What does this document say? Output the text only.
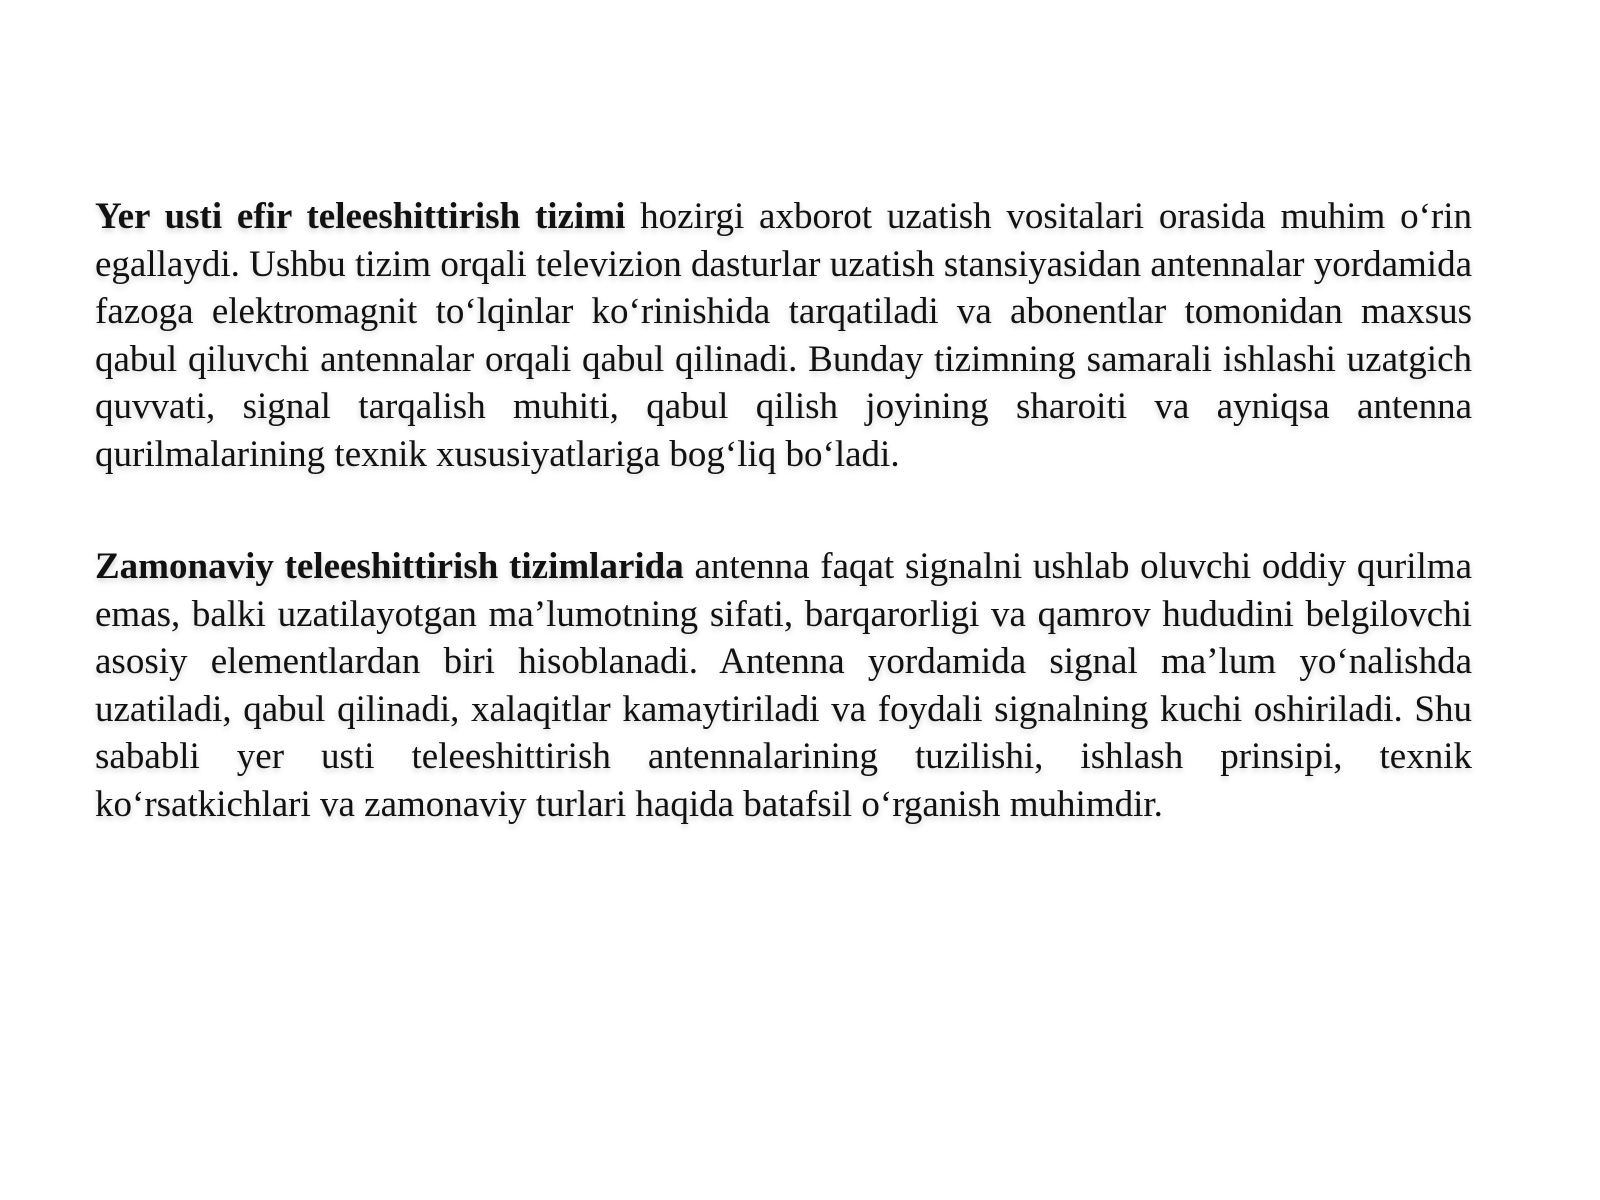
Yer usti efir teleeshittirish tizimi hozirgi axborot uzatish vositalari orasida muhim o‘rin egallaydi. Ushbu tizim orqali televizion dasturlar uzatish stansiyasidan antennalar yordamida fazoga elektromagnit to‘lqinlar ko‘rinishida tarqatiladi va abonentlar tomonidan maxsus qabul qiluvchi antennalar orqali qabul qilinadi. Bunday tizimning samarali ishlashi uzatgich quvvati, signal tarqalish muhiti, qabul qilish joyining sharoiti va ayniqsa antenna qurilmalarining texnik xususiyatlariga bog‘liq bo‘ladi.

Zamonaviy teleeshittirish tizimlarida antenna faqat signalni ushlab oluvchi oddiy qurilma emas, balki uzatilayotgan ma’lumotning sifati, barqarorligi va qamrov hududini belgilovchi asosiy elementlardan biri hisoblanadi. Antenna yordamida signal ma’lum yo‘nalishda uzatiladi, qabul qilinadi, xalaqitlar kamaytiriladi va foydali signalning kuchi oshiriladi. Shu sababli yer usti teleeshittirish antennalarining tuzilishi, ishlash prinsipi, texnik ko‘rsatkichlari va zamonaviy turlari haqida batafsil o‘rganish muhimdir.
